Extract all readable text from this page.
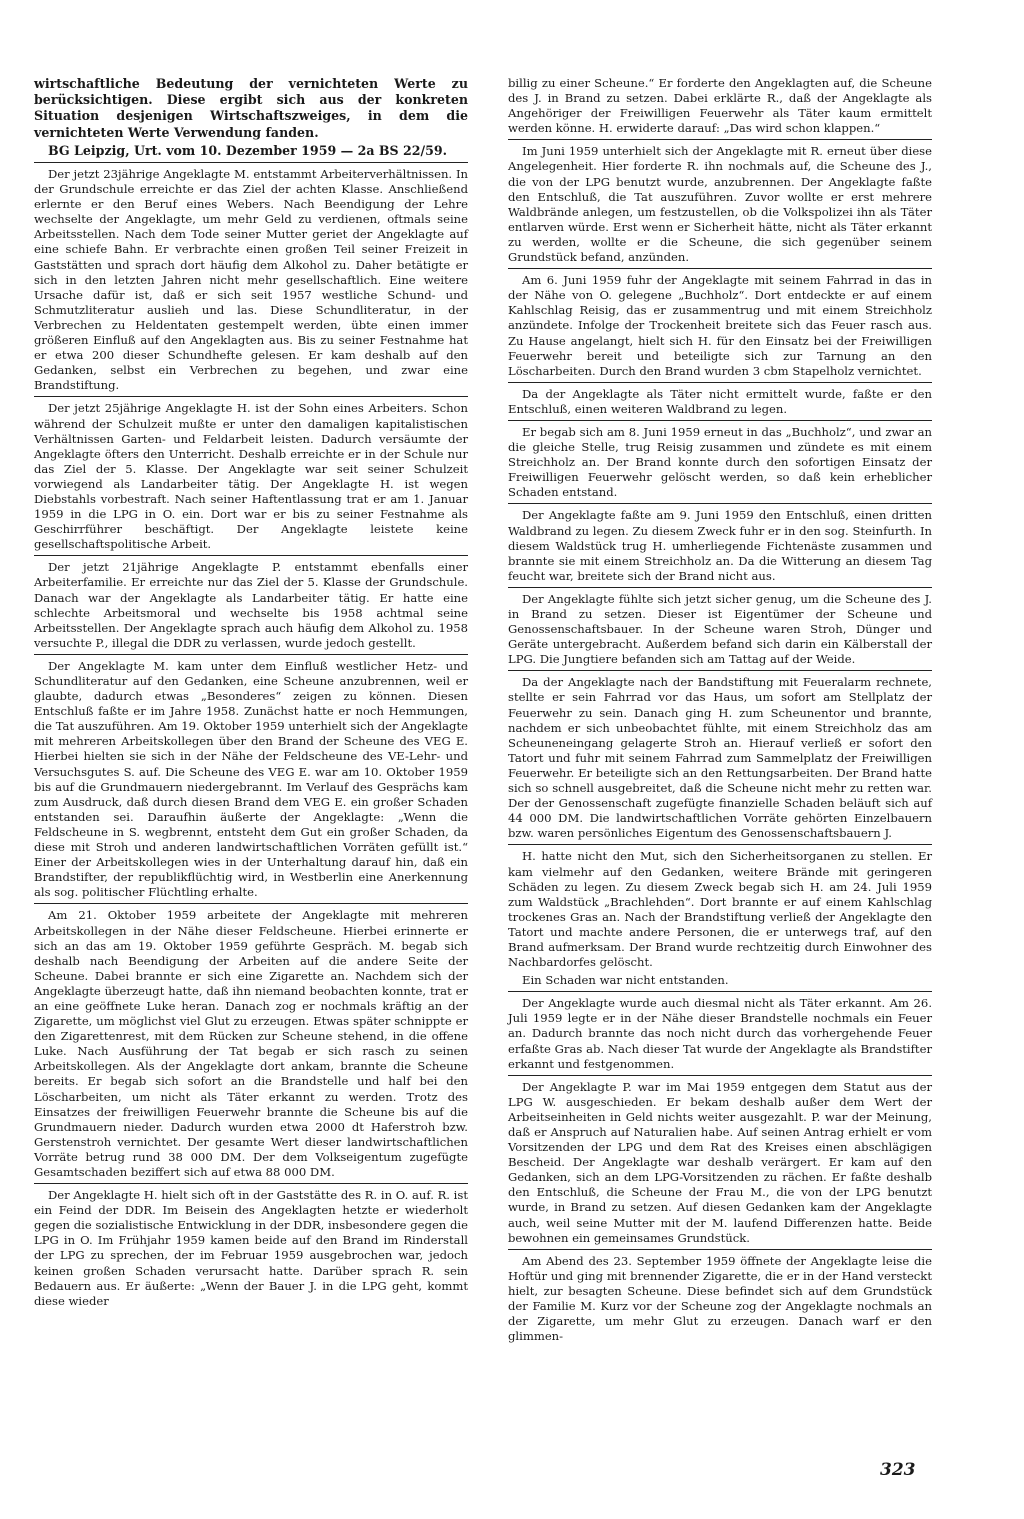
wirtschaftliche Bedeutung der vernichteten Werte zu berücksichtigen. Diese ergibt sich aus der konkreten Situation desjenigen Wirtschaftszweiges, in dem die vernichteten Werte Verwendung fanden.

BG Leipzig, Urt. vom 10. Dezember 1959 — 2a BS 22/59.

Der jetzt 23jährige Angeklagte M. entstammt Arbeiterverhältnissen. In der Grundschule erreichte er das Ziel der achten Klasse. Anschließend erlernte er den Beruf eines Webers. Nach Beendigung der Lehre wechselte der Angeklagte, um mehr Geld zu verdienen, oftmals seine Arbeitsstellen. Nach dem Tode seiner Mutter geriet der Angeklagte auf eine schiefe Bahn. Er verbrachte einen großen Teil seiner Freizeit in Gaststätten und sprach dort häufig dem Alkohol zu. Daher betätigte er sich in den letzten Jahren nicht mehr gesellschaftlich. Eine weitere Ursache dafür ist, daß er sich seit 1957 westliche Schund- und Schmutzliteratur auslieh und las. Diese Schundliteratur, in der Verbrechen zu Heldentaten gestempelt werden, übte einen immer größeren Einfluß auf den Angeklagten aus. Bis zu seiner Festnahme hat er etwa 200 dieser Schundhefte gelesen. Er kam deshalb auf den Gedanken, selbst ein Verbrechen zu begehen, und zwar eine Brandstiftung.

Der jetzt 25jährige Angeklagte H. ist der Sohn eines Arbeiters. Schon während der Schulzeit mußte er unter den damaligen kapitalistischen Verhältnissen Garten- und Feldarbeit leisten. Dadurch versäumte der Angeklagte öfters den Unterricht. Deshalb erreichte er in der Schule nur das Ziel der 5. Klasse. Der Angeklagte war seit seiner Schulzeit vorwiegend als Landarbeiter tätig. Der Angeklagte H. ist wegen Diebstahls vorbestraft. Nach seiner Haftentlassung trat er am 1. Januar 1959 in die LPG in O. ein. Dort war er bis zu seiner Festnahme als Geschirrführer beschäftigt. Der Angeklagte leistete keine gesellschaftspolitische Arbeit.

Der jetzt 21jährige Angeklagte P. entstammt ebenfalls einer Arbeiterfamilie. Er erreichte nur das Ziel der 5. Klasse der Grundschule. Danach war der Angeklagte als Landarbeiter tätig. Er hatte eine schlechte Arbeitsmoral und wechselte bis 1958 achtmal seine Arbeitsstellen. Der Angeklagte sprach auch häufig dem Alkohol zu. 1958 versuchte P., illegal die DDR zu verlassen, wurde jedoch gestellt.

Der Angeklagte M. kam unter dem Einfluß westlicher Hetz- und Schundliteratur auf den Gedanken, eine Scheune anzubrennen, weil er glaubte, dadurch etwas „Besonderes“ zeigen zu können. Diesen Entschluß faßte er im Jahre 1958. Zunächst hatte er noch Hemmungen, die Tat auszuführen. Am 19. Oktober 1959 unterhielt sich der Angeklagte mit mehreren Arbeitskollegen über den Brand der Scheune des VEG E. Hierbei hielten sie sich in der Nähe der Feldscheune des VE-Lehr- und Versuchsgutes S. auf. Die Scheune des VEG E. war am 10. Oktober 1959 bis auf die Grundmauern niedergebrannt. Im Verlauf des Gesprächs kam zum Ausdruck, daß durch diesen Brand dem VEG E. ein großer Schaden entstanden sei. Daraufhin äußerte der Angeklagte: „Wenn die Feldscheune in S. wegbrennt, entsteht dem Gut ein großer Schaden, da diese mit Stroh und anderen landwirtschaftlichen Vorräten gefüllt ist.“ Einer der Arbeitskollegen wies in der Unterhaltung darauf hin, daß ein Brandstifter, der republikflüchtig wird, in Westberlin eine Anerkennung als sog. politischer Flüchtling erhalte.

Am 21. Oktober 1959 arbeitete der Angeklagte mit mehreren Arbeitskollegen in der Nähe dieser Feldscheune. Hierbei erinnerte er sich an das am 19. Oktober 1959 geführte Gespräch. M. begab sich deshalb nach Beendigung der Arbeiten auf die andere Seite der Scheune. Dabei brannte er sich eine Zigarette an. Nachdem sich der Angeklagte überzeugt hatte, daß ihn niemand beobachten konnte, trat er an eine geöffnete Luke heran. Danach zog er nochmals kräftig an der Zigarette, um möglichst viel Glut zu erzeugen. Etwas später schnippte er den Zigarettenrest, mit dem Rücken zur Scheune stehend, in die offene Luke. Nach Ausführung der Tat begab er sich rasch zu seinen Arbeitskollegen. Als der Angeklagte dort ankam, brannte die Scheune bereits. Er begab sich sofort an die Brandstelle und half bei den Löscharbeiten, um nicht als Täter erkannt zu werden. Trotz des Einsatzes der freiwilligen Feuerwehr brannte die Scheune bis auf die Grundmauern nieder. Dadurch wurden etwa 2000 dt Haferstroh bzw. Gerstenstroh vernichtet. Der gesamte Wert dieser landwirtschaftlichen Vorräte betrug rund 38 000 DM. Der dem Volkseigentum zugefügte Gesamtschaden beziffert sich auf etwa 88 000 DM.

Der Angeklagte H. hielt sich oft in der Gaststätte des R. in O. auf. R. ist ein Feind der DDR. Im Beisein des Angeklagten hetzte er wiederholt gegen die sozialistische Entwicklung in der DDR, insbesondere gegen die LPG in O. Im Frühjahr 1959 kamen beide auf den Brand im Rinderstall der LPG zu sprechen, der im Februar 1959 ausgebrochen war, jedoch keinen großen Schaden verursacht hatte. Darüber sprach R. sein Bedauern aus. Er äußerte: „Wenn der Bauer J. in die LPG geht, kommt diese wieder

billig zu einer Scheune.“ Er forderte den Angeklagten auf, die Scheune des J. in Brand zu setzen. Dabei erklärte R., daß der Angeklagte als Angehöriger der Freiwilligen Feuerwehr als Täter kaum ermittelt werden könne. H. erwiderte darauf: „Das wird schon klappen.“

Im Juni 1959 unterhielt sich der Angeklagte mit R. erneut über diese Angelegenheit. Hier forderte R. ihn nochmals auf, die Scheune des J., die von der LPG benutzt wurde, anzubrennen. Der Angeklagte faßte den Entschluß, die Tat auszuführen. Zuvor wollte er erst mehrere Waldbrände anlegen, um festzustellen, ob die Volkspolizei ihn als Täter entlarven würde. Erst wenn er Sicherheit hätte, nicht als Täter erkannt zu werden, wollte er die Scheune, die sich gegenüber seinem Grundstück befand, anzünden.

Am 6. Juni 1959 fuhr der Angeklagte mit seinem Fahrrad in das in der Nähe von O. gelegene „Buchholz“. Dort entdeckte er auf einem Kahlschlag Reisig, das er zusammentrug und mit einem Streichholz anzündete. Infolge der Trockenheit breitete sich das Feuer rasch aus. Zu Hause angelangt, hielt sich H. für den Einsatz bei der Freiwilligen Feuerwehr bereit und beteiligte sich zur Tarnung an den Löscharbeiten. Durch den Brand wurden 3 cbm Stapelholz vernichtet.

Da der Angeklagte als Täter nicht ermittelt wurde, faßte er den Entschluß, einen weiteren Waldbrand zu legen.

Er begab sich am 8. Juni 1959 erneut in das „Buchholz“, und zwar an die gleiche Stelle, trug Reisig zusammen und zündete es mit einem Streichholz an. Der Brand konnte durch den sofortigen Einsatz der Freiwilligen Feuerwehr gelöscht werden, so daß kein erheblicher Schaden entstand.

Der Angeklagte faßte am 9. Juni 1959 den Entschluß, einen dritten Waldbrand zu legen. Zu diesem Zweck fuhr er in den sog. Steinfurth. In diesem Waldstück trug H. umherliegende Fichtenäste zusammen und brannte sie mit einem Streichholz an. Da die Witterung an diesem Tag feucht war, breitete sich der Brand nicht aus.

Der Angeklagte fühlte sich jetzt sicher genug, um die Scheune des J. in Brand zu setzen. Dieser ist Eigentümer der Scheune und Genossenschaftsbauer. In der Scheune waren Stroh, Dünger und Geräte untergebracht. Außerdem befand sich darin ein Kälberstall der LPG. Die Jungtiere befanden sich am Tattag auf der Weide.

Da der Angeklagte nach der Bandstiftung mit Feueralarm rechnete, stellte er sein Fahrrad vor das Haus, um sofort am Stellplatz der Feuerwehr zu sein. Danach ging H. zum Scheunentor und brannte, nachdem er sich unbeobachtet fühlte, mit einem Streichholz das am Scheuneneingang gelagerte Stroh an. Hierauf verließ er sofort den Tatort und fuhr mit seinem Fahrrad zum Sammelplatz der Freiwilligen Feuerwehr. Er beteiligte sich an den Rettungsarbeiten. Der Brand hatte sich so schnell ausgebreitet, daß die Scheune nicht mehr zu retten war. Der der Genossenschaft zugefügte finanzielle Schaden beläuft sich auf 44 000 DM. Die landwirtschaftlichen Vorräte gehörten Einzelbauern bzw. waren persönliches Eigentum des Genossenschaftsbauern J.

H. hatte nicht den Mut, sich den Sicherheitsorganen zu stellen. Er kam vielmehr auf den Gedanken, weitere Brände mit geringeren Schäden zu legen. Zu diesem Zweck begab sich H. am 24. Juli 1959 zum Waldstück „Brachlehden“. Dort brannte er auf einem Kahlschlag trockenes Gras an. Nach der Brandstiftung verließ der Angeklagte den Tatort und machte andere Personen, die er unterwegs traf, auf den Brand aufmerksam. Der Brand wurde rechtzeitig durch Einwohner des Nachbardorfes gelöscht.

Ein Schaden war nicht entstanden.

Der Angeklagte wurde auch diesmal nicht als Täter erkannt. Am 26. Juli 1959 legte er in der Nähe dieser Brandstelle nochmals ein Feuer an. Dadurch brannte das noch nicht durch das vorhergehende Feuer erfaßte Gras ab. Nach dieser Tat wurde der Angeklagte als Brandstifter erkannt und festgenommen.

Der Angeklagte P. war im Mai 1959 entgegen dem Statut aus der LPG W. ausgeschieden. Er bekam deshalb außer dem Wert der Arbeitseinheiten in Geld nichts weiter ausgezahlt. P. war der Meinung, daß er Anspruch auf Naturalien habe. Auf seinen Antrag erhielt er vom Vorsitzenden der LPG und dem Rat des Kreises einen abschlägigen Bescheid. Der Angeklagte war deshalb verärgert. Er kam auf den Gedanken, sich an dem LPG-Vorsitzenden zu rächen. Er faßte deshalb den Entschluß, die Scheune der Frau M., die von der LPG benutzt wurde, in Brand zu setzen. Auf diesen Gedanken kam der Angeklagte auch, weil seine Mutter mit der M. laufend Differenzen hatte. Beide bewohnen ein gemeinsames Grundstück.

Am Abend des 23. September 1959 öffnete der Angeklagte leise die Hoftür und ging mit brennender Zigarette, die er in der Hand versteckt hielt, zur besagten Scheune. Diese befindet sich auf dem Grundstück der Familie M. Kurz vor der Scheune zog der Angeklagte nochmals an der Zigarette, um mehr Glut zu erzeugen. Danach warf er den glimmen-

323
